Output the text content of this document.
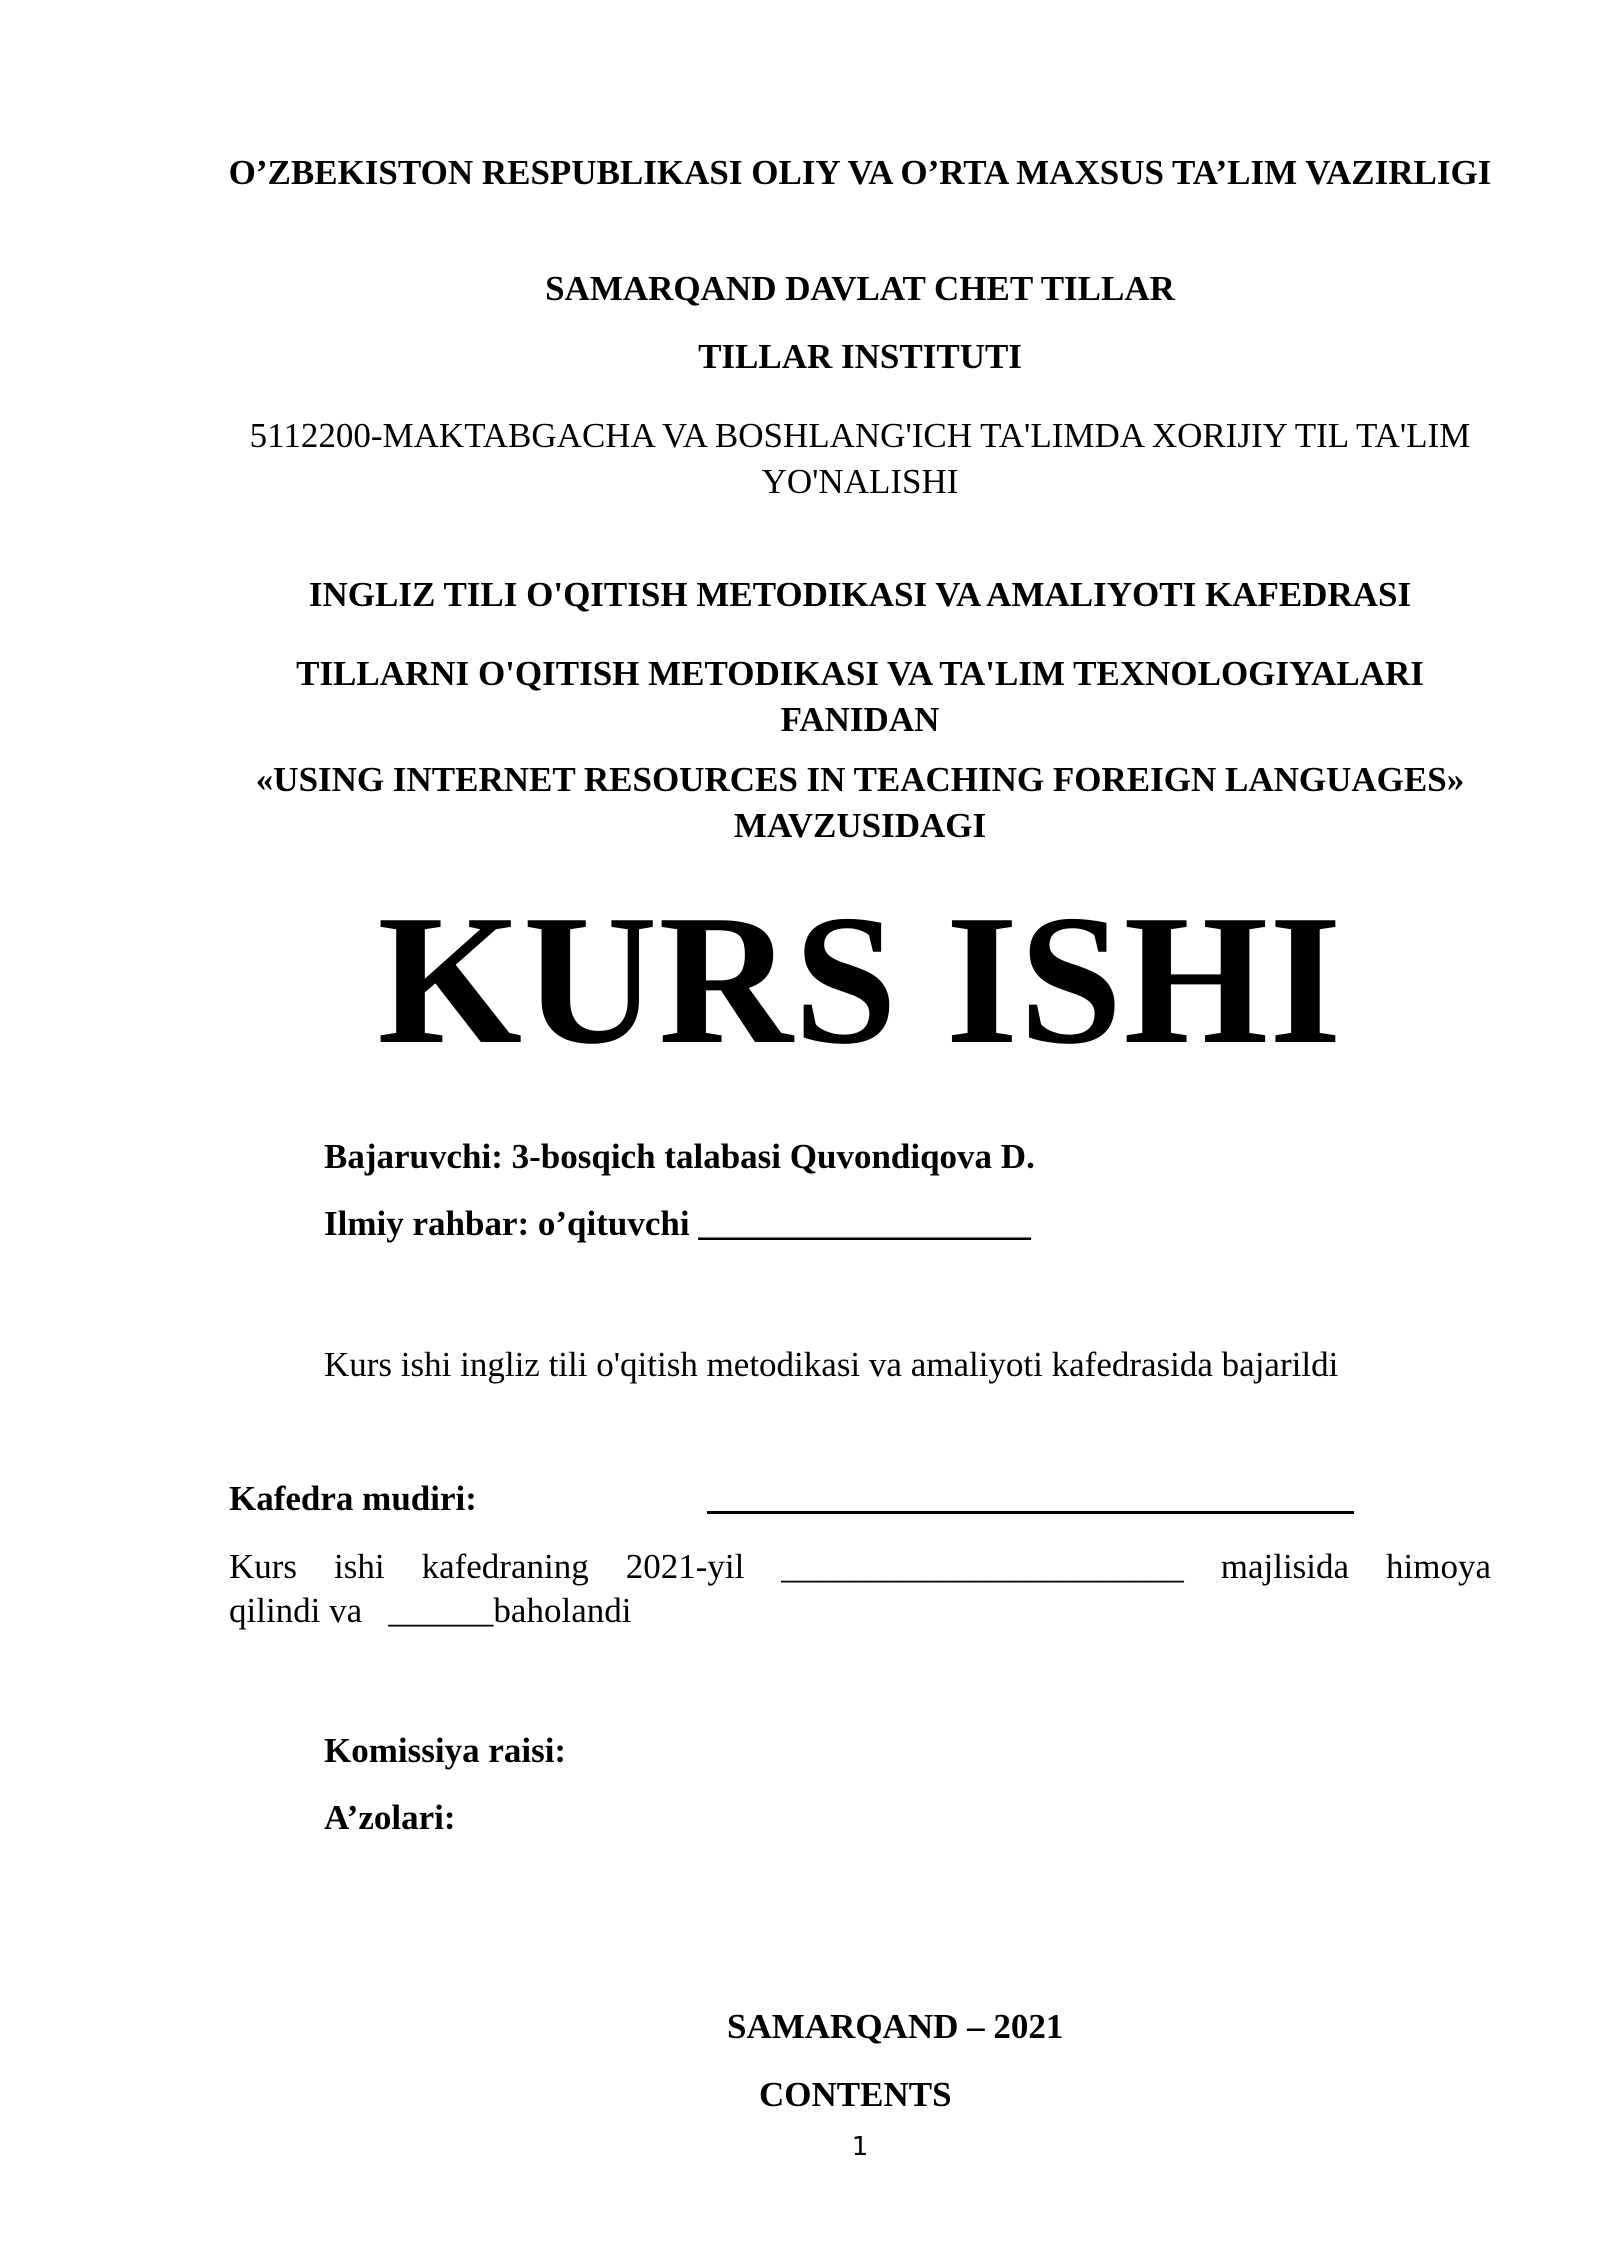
O’ZBEKISTON RESPUBLIKASI OLIY VA O’RTA MAXSUS TA’LIM VAZIRLIGI
SAMARQAND DAVLAT CHET TILLAR
TILLAR INSTITUTI
5112200-MAKTABGACHA VA BOSHLANG'ICH TA'LIMDA XORIJIY TIL TA'LIM YO'NALISHI
INGLIZ TILI O'QITISH METODIKASI VA AMALIYOTI KAFEDRASI
TILLARNI O'QITISH METODIKASI VA TA'LIM TEXNOLOGIYALARI FANIDAN
«USING INTERNET RESOURCES IN TEACHING FOREIGN LANGUAGES» MAVZUSIDAGI
KURS ISHI
Bajaruvchi: 3-bosqich talabasi Quvondiqova D.
Ilmiy rahbar: o’qituvchi ___________________
Kurs ishi ingliz tili o'qitish metodikasi va amaliyoti kafedrasida bajarildi
Kafedra mudiri:
Kurs ishi kafedraning 2021-yil _______________________ majlisida himoya
qilindi va   ______baholandi
Komissiya raisi:
A’zolari:
SAMARQAND – 2021
CONTENTS
1
